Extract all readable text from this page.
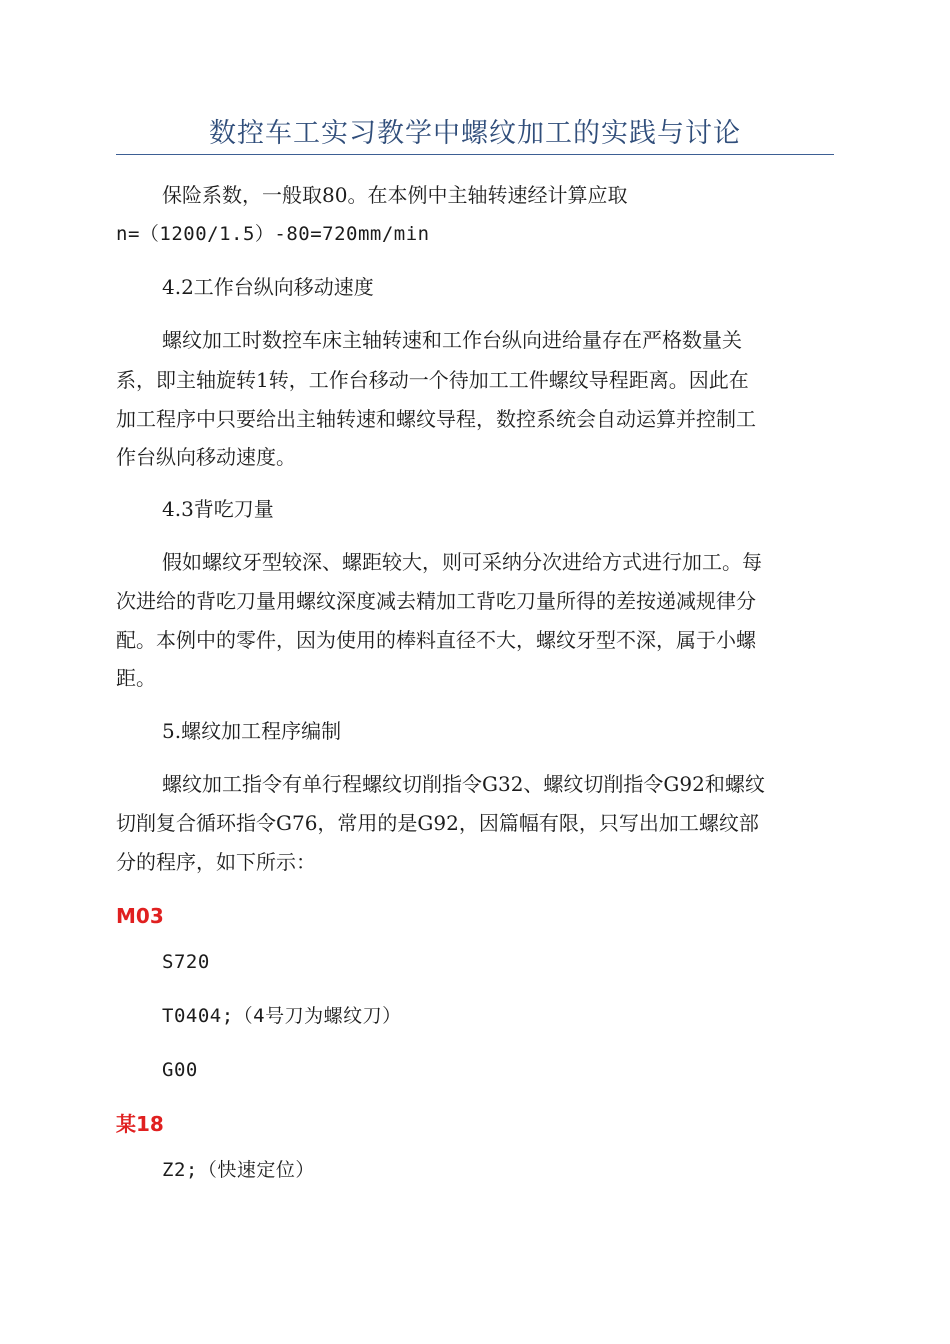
数控车工实习教学中螺纹加工的实践与讨论
保险系数，一般取80。在本例中主轴转速经计算应取
n=（1200/1.5）-80=720mm/min
4.2工作台纵向移动速度
螺纹加工时数控车床主轴转速和工作台纵向进给量存在严格数量关
系，即主轴旋转1转，工作台移动一个待加工工件螺纹导程距离。因此在
加工程序中只要给出主轴转速和螺纹导程，数控系统会自动运算并控制工
作台纵向移动速度。
4.3背吃刀量
假如螺纹牙型较深、螺距较大，则可采纳分次进给方式进行加工。每
次进给的背吃刀量用螺纹深度减去精加工背吃刀量所得的差按递减规律分
配。本例中的零件，因为使用的棒料直径不大，螺纹牙型不深，属于小螺
距。
5.螺纹加工程序编制
螺纹加工指令有单行程螺纹切削指令G32、螺纹切削指令G92和螺纹
切削复合循环指令G76，常用的是G92，因篇幅有限，只写出加工螺纹部
分的程序，如下所示：
M03
S720
T0404;（4号刀为螺纹刀）
G00
某18
Z2;（快速定位）
